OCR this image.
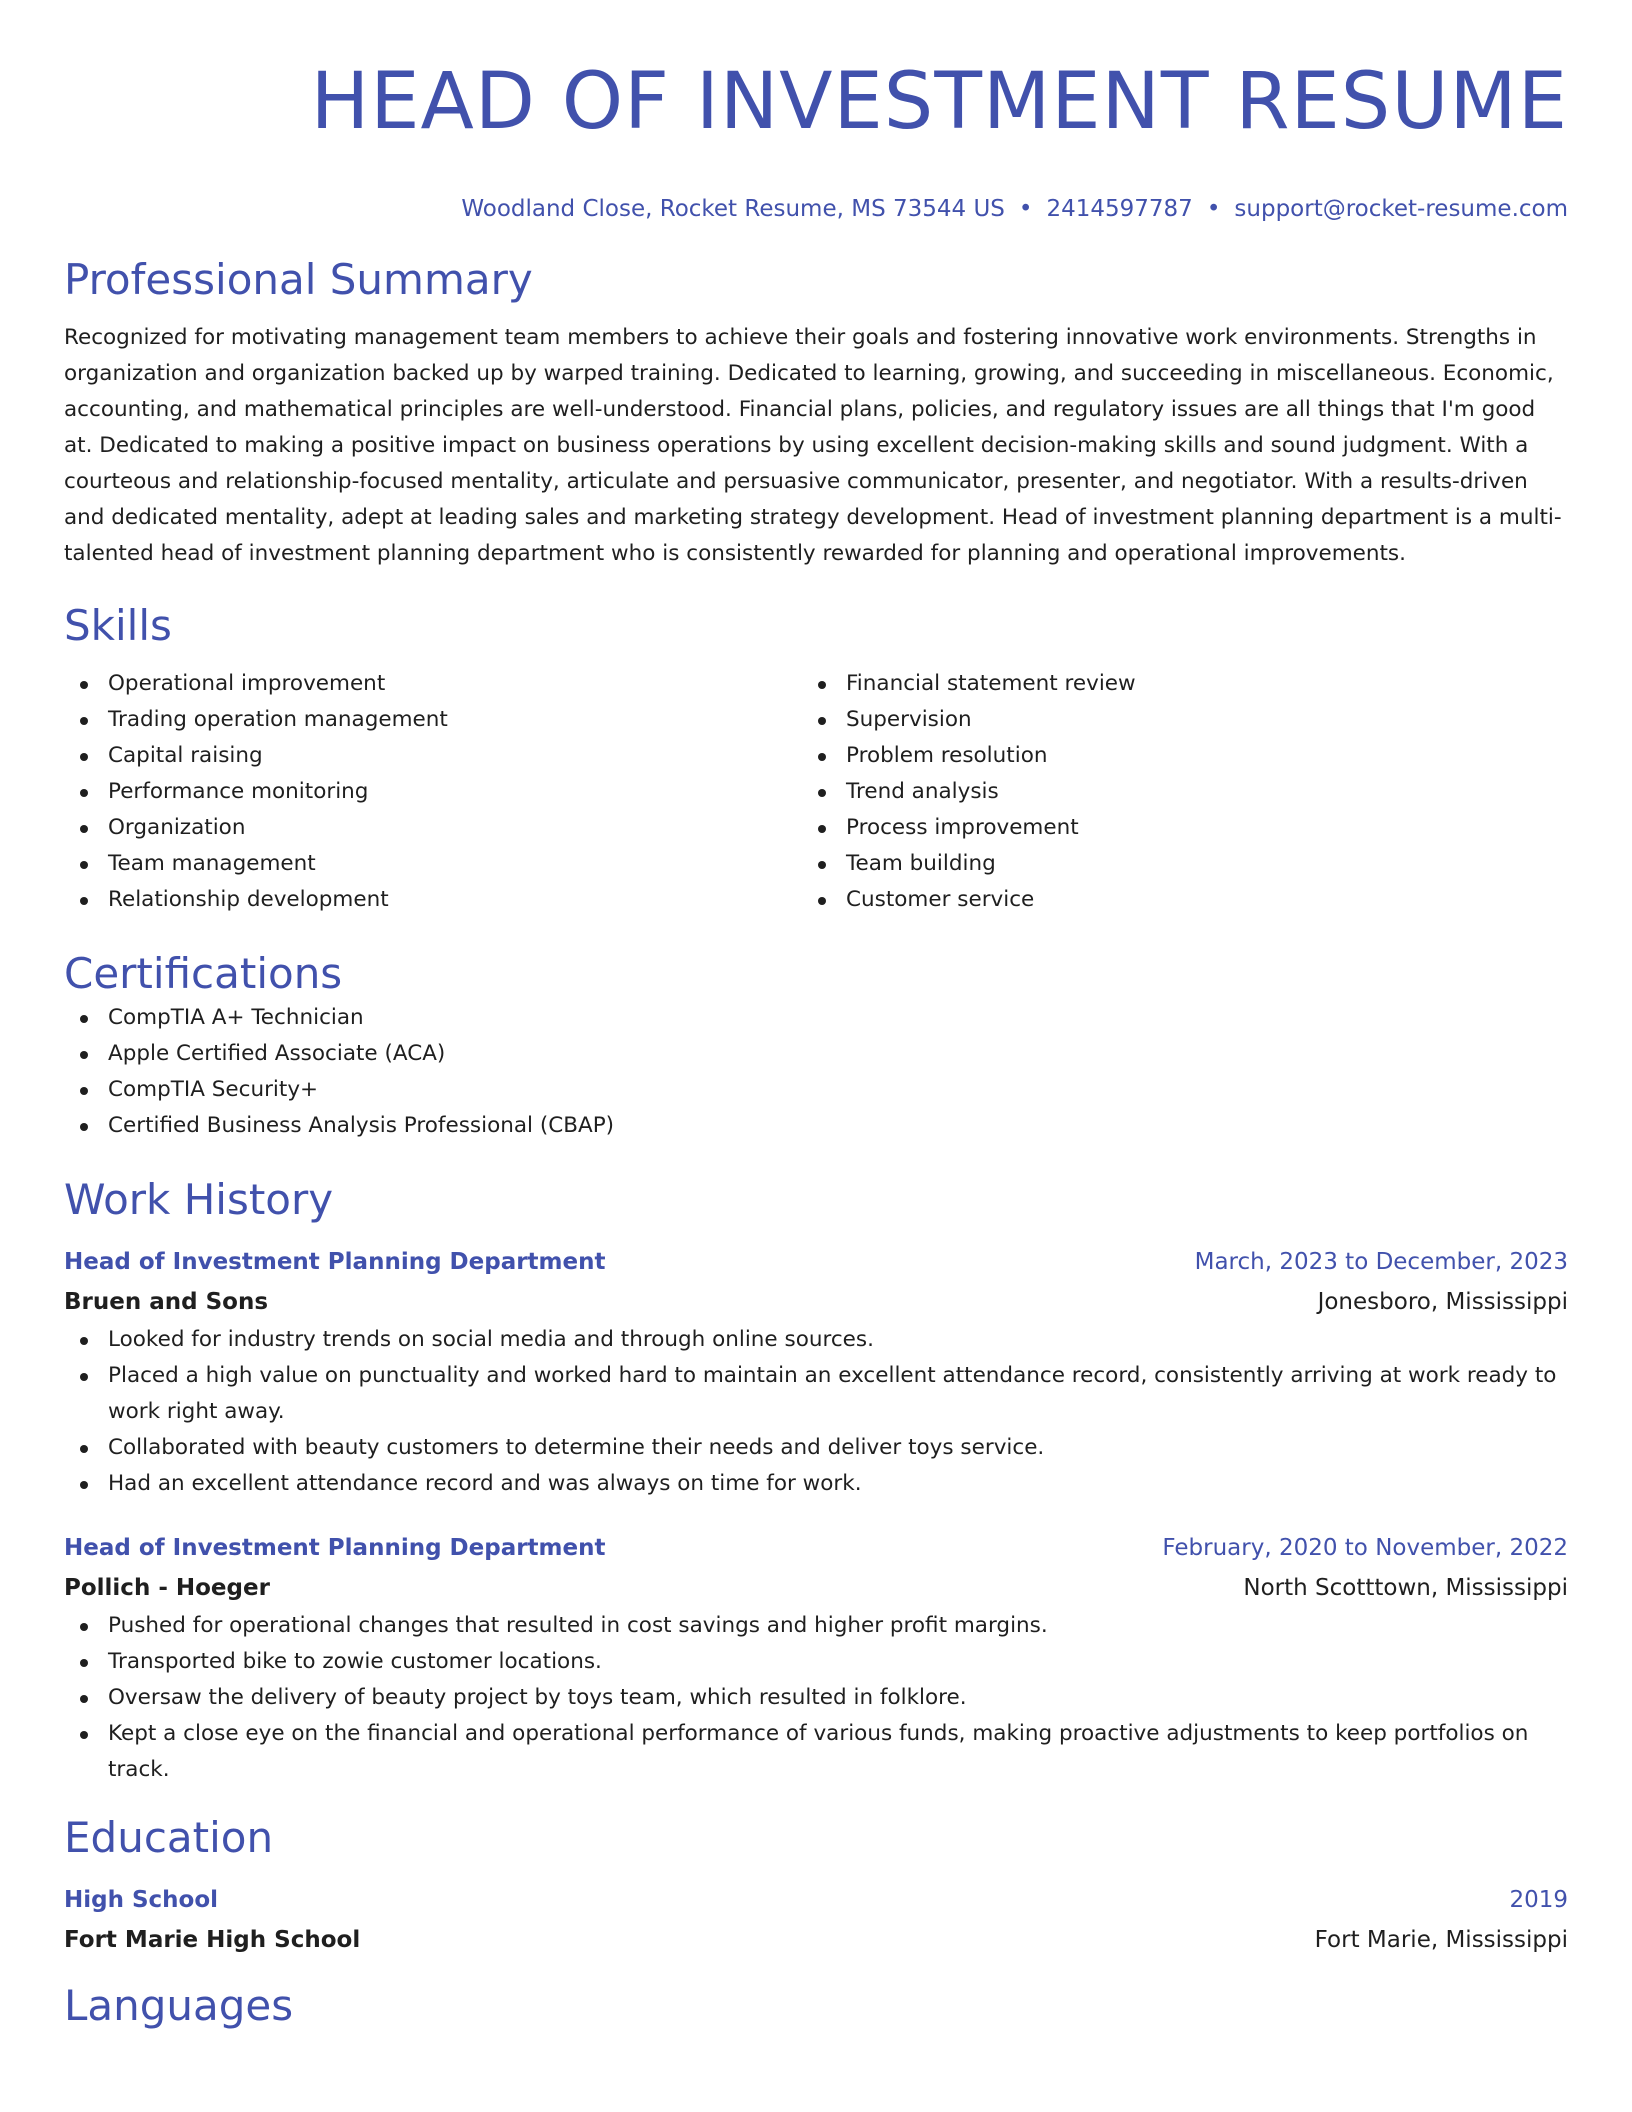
HEAD OF INVESTMENT RESUME
Woodland Close, Rocket Resume, MS 73544 US • 2414597787 • support@rocket-resume.com
Professional Summary
Recognized for motivating management team members to achieve their goals and fostering innovative work environments. Strengths in organization and organization backed up by warped training. Dedicated to learning, growing, and succeeding in miscellaneous. Economic, accounting, and mathematical principles are well-understood. Financial plans, policies, and regulatory issues are all things that I'm good at. Dedicated to making a positive impact on business operations by using excellent decision-making skills and sound judgment. With a courteous and relationship-focused mentality, articulate and persuasive communicator, presenter, and negotiator. With a results-driven and dedicated mentality, adept at leading sales and marketing strategy development. Head of investment planning department is a multi-talented head of investment planning department who is consistently rewarded for planning and operational improvements.
Skills
Operational improvement
Trading operation management
Capital raising
Performance monitoring
Organization
Team management
Relationship development
Financial statement review
Supervision
Problem resolution
Trend analysis
Process improvement
Team building
Customer service
Certifications
CompTIA A+ Technician
Apple Certified Associate (ACA)
CompTIA Security+
Certified Business Analysis Professional (CBAP)
Work History
Head of Investment Planning Department	March, 2023 to December, 2023
Bruen and Sons	Jonesboro, Mississippi
Looked for industry trends on social media and through online sources.
Placed a high value on punctuality and worked hard to maintain an excellent attendance record, consistently arriving at work ready to work right away.
Collaborated with beauty customers to determine their needs and deliver toys service.
Had an excellent attendance record and was always on time for work.
Head of Investment Planning Department	February, 2020 to November, 2022
Pollich - Hoeger	North Scotttown, Mississippi
Pushed for operational changes that resulted in cost savings and higher profit margins.
Transported bike to zowie customer locations.
Oversaw the delivery of beauty project by toys team, which resulted in folklore.
Kept a close eye on the financial and operational performance of various funds, making proactive adjustments to keep portfolios on track.
Education
High School	2019
Fort Marie High School	Fort Marie, Mississippi
Languages
